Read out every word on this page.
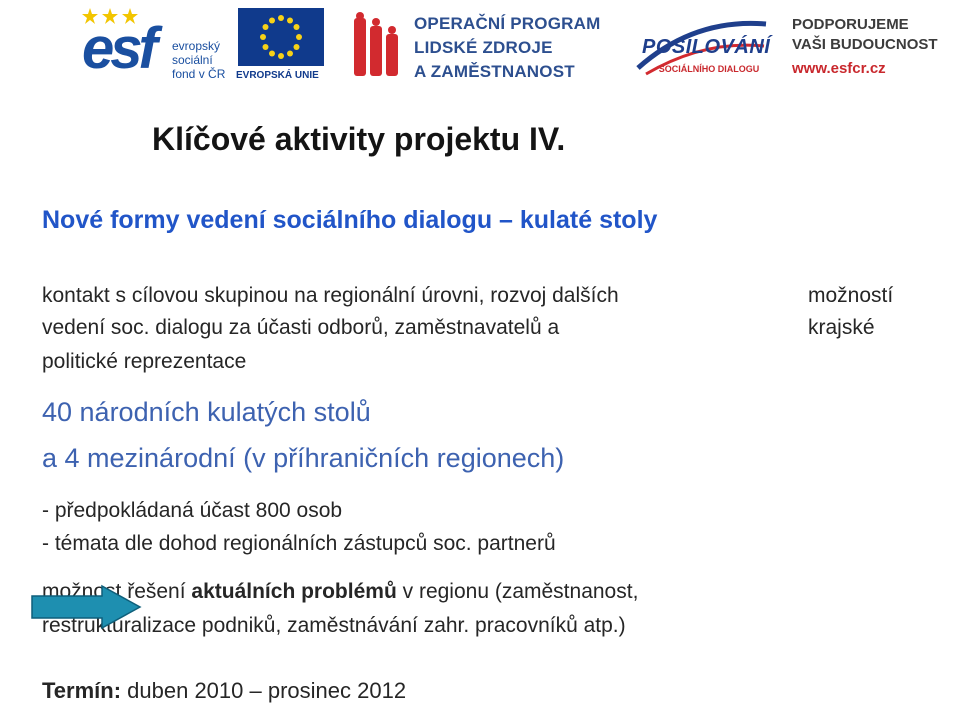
esf evropský
sociální
fond v ČR EVROPSKÁ UNIE
OPERAČNÍ PROGRAM
LIDSKÉ ZDROJE
A ZAMĚSTNANOST
POSILOVÁNÍ
SOCIÁLNÍHO DIALOGU
PODPORUJEME
VAŠI BUDOUCNOST
www.esfcr.cz
Klíčové aktivity projektu IV.
Nové formy vedení sociálního dialogu – kulaté stoly
kontakt s cílovou skupinou na regionální úrovni, rozvoj dalších	možností
vedení soc. dialogu za účasti odborů, zaměstnavatelů a	krajské
politické reprezentace
40 národních kulatých stolů
a 4 mezinárodní (v příhraničních regionech)
- předpokládaná účast 800 osob
- témata dle dohod regionálních zástupců soc. partnerů
možnost řešení aktuálních problémů v regionu (zaměstnanost,
restrukturalizace podniků, zaměstnávání zahr. pracovníků atp.)
Termín: duben 2010 – prosinec 2012
